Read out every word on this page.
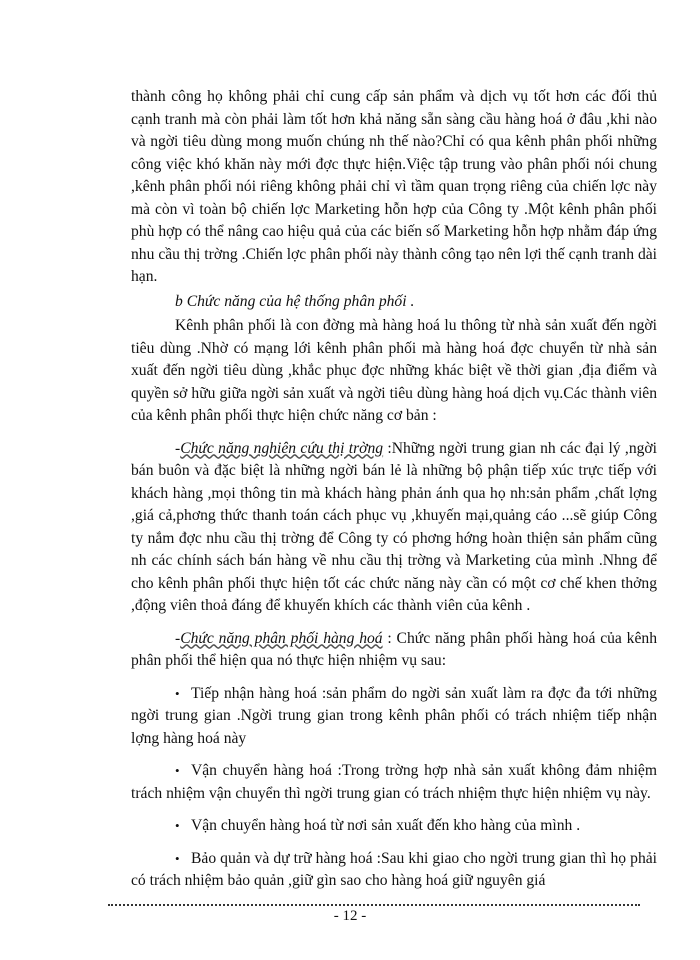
thành công họ không phải chỉ cung cấp sản phẩm và dịch vụ tốt hơn các đối thủ cạnh tranh mà còn phải làm tốt hơn khả năng sẵn sàng cầu hàng hoá ở đâu ,khi nào và ngời tiêu dùng mong muốn chúng nh thế nào?Chỉ có qua kênh phân phối những công việc khó khăn này mới đợc thực hiện.Việc tập trung vào phân phối nói chung ,kênh phân phối nói riêng không phải chỉ vì tầm quan trọng riêng của chiến lợc này mà còn vì toàn bộ chiến lợc Marketing hỗn hợp của Công ty .Một kênh phân phối phù hợp có thể nâng cao hiệu quả của các biến số Marketing hỗn hợp nhằm đáp ứng nhu cầu thị trờng .Chiến lợc phân phối này thành công tạo nên lợi thế cạnh tranh dài hạn.

b Chức năng của hệ thống phân phối .

Kênh phân phối là con đờng mà hàng hoá lu thông từ nhà sản xuất đến ngời tiêu dùng .Nhờ có mạng lới kênh phân phối mà hàng hoá đợc chuyển từ nhà sản xuất đến ngời tiêu dùng ,khắc phục đợc những khác biệt về thời gian ,địa điểm và quyền sở hữu giữa ngời sản xuất và ngời tiêu dùng hàng hoá dịch vụ.Các thành viên của kênh phân phối thực hiện chức năng cơ bản :

-Chức năng nghiên cứu thị trờng :Những ngời trung gian nh các đại lý ,ngời bán buôn và đặc biệt là những ngời bán lẻ là những bộ phận tiếp xúc trực tiếp với khách hàng ,mọi thông tin mà khách hàng phản ánh qua họ nh:sản phẩm ,chất lợng ,giá cả,phơng thức thanh toán cách phục vụ ,khuyến mại,quảng cáo ...sẽ giúp Công ty nắm đợc nhu cầu thị trờng để Công ty có phơng hớng hoàn thiện sản phẩm cũng nh các chính sách bán hàng về nhu cầu thị trờng và Marketing của mình .Nhng để cho kênh phân phối thực hiện tốt các chức năng này cần có một cơ chế khen thởng ,động viên thoả đáng để khuyến khích các thành viên của kênh .

-Chức năng phân phối hàng hoá : Chức năng phân phối hàng hoá của kênh phân phối thể hiện qua nó thực hiện nhiệm vụ sau:

• Tiếp nhận hàng hoá :sản phẩm do ngời sản xuất làm ra đợc đa tới những ngời trung gian .Ngời trung gian trong kênh phân phối có trách nhiệm tiếp nhận lợng hàng hoá này

• Vận chuyển hàng hoá :Trong trờng hợp nhà sản xuất không đảm nhiệm trách nhiệm vận chuyển thì ngời trung gian có trách nhiệm thực hiện nhiệm vụ này.

• Vận chuyển hàng hoá từ nơi sản xuất đến kho hàng của mình .

• Bảo quản và dự trữ hàng hoá :Sau khi giao cho ngời trung gian thì họ phải có trách nhiệm bảo quản ,giữ gìn sao cho hàng hoá giữ nguyên giá

- 12 -
